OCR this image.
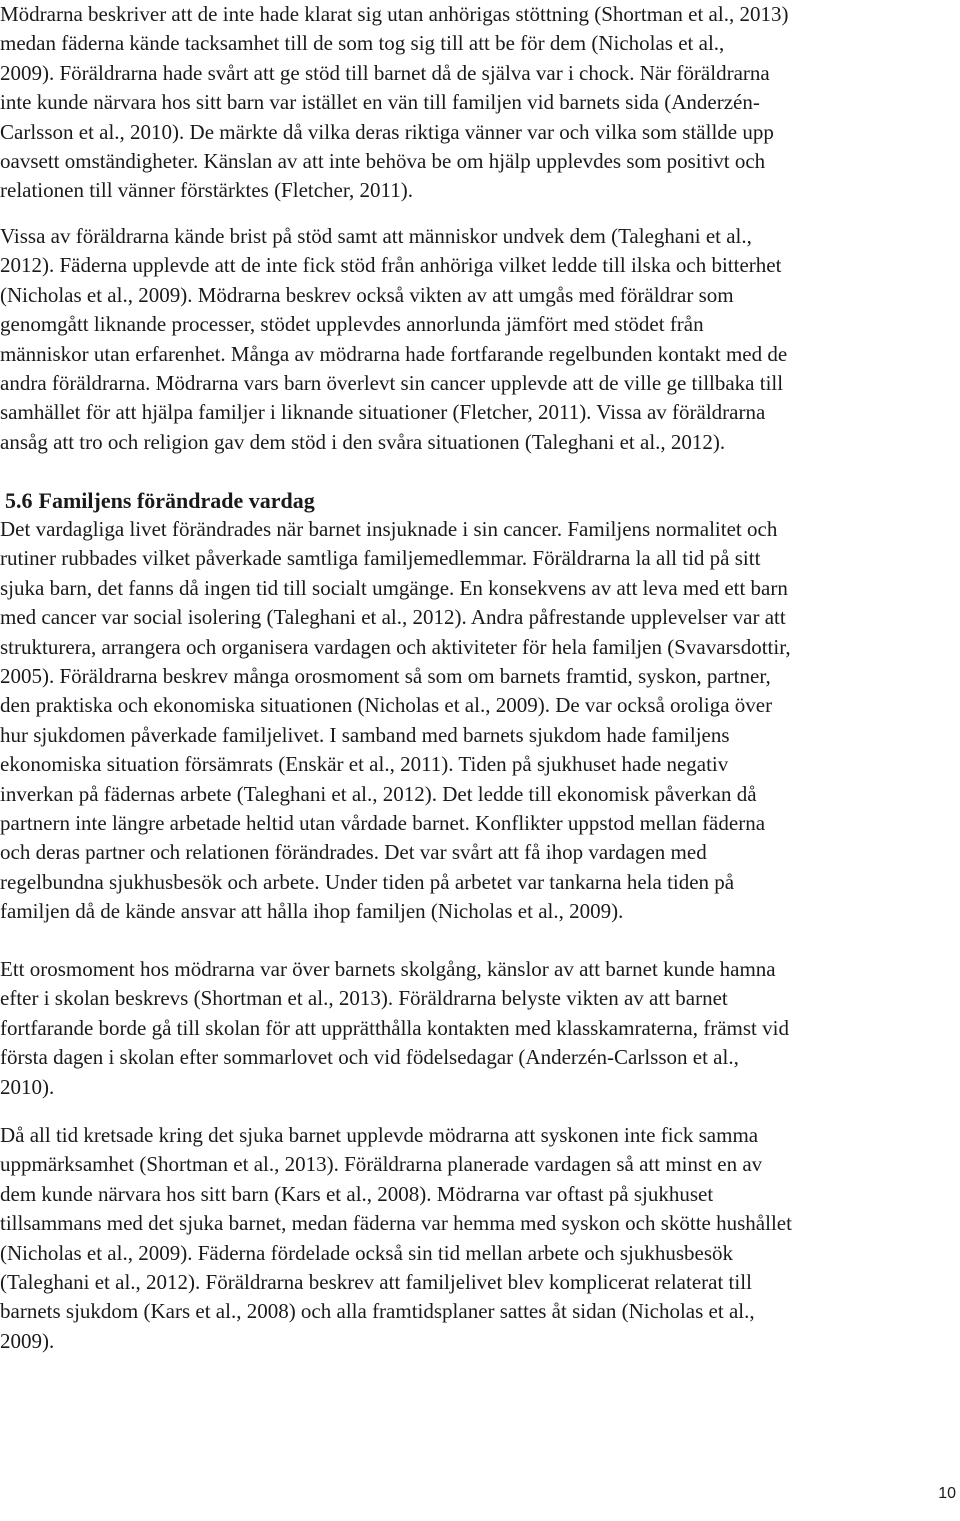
Mödrarna beskriver att de inte hade klarat sig utan anhörigas stöttning (Shortman et al., 2013)
medan fäderna kände tacksamhet till de som tog sig till att be för dem (Nicholas et al.,
2009). Föräldrarna hade svårt att ge stöd till barnet då de själva var i chock. När föräldrarna
inte kunde närvara hos sitt barn var istället en vän till familjen vid barnets sida (Anderzén-
Carlsson et al., 2010). De märkte då vilka deras riktiga vänner var och vilka som ställde upp
oavsett omständigheter. Känslan av att inte behöva be om hjälp upplevdes som positivt och
relationen till vänner förstärktes (Fletcher, 2011).

Vissa av föräldrarna kände brist på stöd samt att människor undvek dem (Taleghani et al.,
2012). Fäderna upplevde att de inte fick stöd från anhöriga vilket ledde till ilska och bitterhet
(Nicholas et al., 2009). Mödrarna beskrev också vikten av att umgås med föräldrar som
genomgått liknande processer, stödet upplevdes annorlunda jämfört med stödet från
människor utan erfarenhet. Många av mödrarna hade fortfarande regelbunden kontakt med de
andra föräldrarna. Mödrarna vars barn överlevt sin cancer upplevde att de ville ge tillbaka till
samhället för att hjälpa familjer i liknande situationer (Fletcher, 2011). Vissa av föräldrarna
ansåg att tro och religion gav dem stöd i den svåra situationen (Taleghani et al., 2012).

5.6 Familjens förändrade vardag

Det vardagliga livet förändrades när barnet insjuknade i sin cancer. Familjens normalitet och
rutiner rubbades vilket påverkade samtliga familjemedlemmar. Föräldrarna la all tid på sitt
sjuka barn, det fanns då ingen tid till socialt umgänge. En konsekvens av att leva med ett barn
med cancer var social isolering (Taleghani et al., 2012). Andra påfrestande upplevelser var att
strukturera, arrangera och organisera vardagen och aktiviteter för hela familjen (Svavarsdottir,
2005). Föräldrarna beskrev många orosmoment så som om barnets framtid, syskon, partner,
den praktiska och ekonomiska situationen (Nicholas et al., 2009). De var också oroliga över
hur sjukdomen påverkade familjelivet. I samband med barnets sjukdom hade familjens
ekonomiska situation försämrats (Enskär et al., 2011). Tiden på sjukhuset hade negativ
inverkan på fädernas arbete (Taleghani et al., 2012). Det ledde till ekonomisk påverkan då
partnern inte längre arbetade heltid utan vårdade barnet. Konflikter uppstod mellan fäderna
och deras partner och relationen förändrades. Det var svårt att få ihop vardagen med
regelbundna sjukhusbesök och arbete. Under tiden på arbetet var tankarna hela tiden på
familjen då de kände ansvar att hålla ihop familjen (Nicholas et al., 2009).

Ett orosmoment hos mödrarna var över barnets skolgång, känslor av att barnet kunde hamna
efter i skolan beskrevs (Shortman et al., 2013). Föräldrarna belyste vikten av att barnet
fortfarande borde gå till skolan för att upprätthålla kontakten med klasskamraterna, främst vid
första dagen i skolan efter sommarlovet och vid födelsedagar (Anderzén-Carlsson et al.,
2010).

Då all tid kretsade kring det sjuka barnet upplevde mödrarna att syskonen inte fick samma
uppmärksamhet (Shortman et al., 2013). Föräldrarna planerade vardagen så att minst en av
dem kunde närvara hos sitt barn (Kars et al., 2008). Mödrarna var oftast på sjukhuset
tillsammans med det sjuka barnet, medan fäderna var hemma med syskon och skötte hushållet
(Nicholas et al., 2009). Fäderna fördelade också sin tid mellan arbete och sjukhusbesök
(Taleghani et al., 2012). Föräldrarna beskrev att familjelivet blev komplicerat relaterat till
barnets sjukdom (Kars et al., 2008) och alla framtidsplaner sattes åt sidan (Nicholas et al.,
2009).

10
